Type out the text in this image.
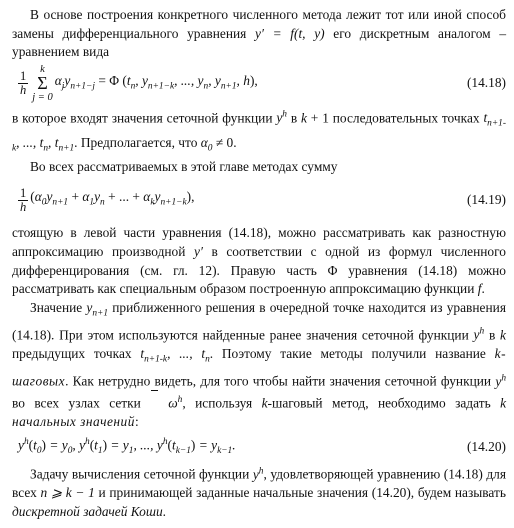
В основе построения конкретного численного метода лежит тот или иной способ замены дифференциального уравнения y′ = f(t, y) его дискретным аналогом – уравнением вида

$\frac{1}{h}$
k
Σ
j = 0
$\alpha_jy_{n+1-j} = \Phi$ ($t_n$, $y_{n+1-k}$, ..., $y_n$, $y_{n+1}$, h),	(14.18)

в которое входят значения сеточной функции $y^h$ в k + 1 последовательных точках $t_{n+1-k}$, ..., $t_n$, $t_{n+1}$. Предполагается, что $\alpha_0 \ne 0$.

Во всех рассматриваемых в этой главе методах сумму

$\frac{1}{h} (\alpha_0y_{n+1} + \alpha_1y_n$ + ... + $\alpha_ky_{n+1-k}$),	(14.19)

стоящую в левой части уравнения (14.18), можно рассматривать как разностную аппроксимацию производной y′ в соответствии с одной из формул численного дифференцирования (см. гл. 12). Правую часть Φ уравнения (14.18) можно рассматривать как специальным образом построенную аппроксимацию функции f.

Значение $y_{n+1}$ приближенного решения в очередной точке находится из уравнения (14.18). При этом используются найденные ранее значения сеточной функции $y^h$ в k предыдущих точках $t_{n+1-k}$, ..., $t_n$. Поэтому такие методы получили название k-шаговых. Как нетрудно видеть, для того чтобы найти значения сеточной функции $y^h$ во всех узлах сетки $\omega^h$, используя k-шаговый метод, необходимо задать k начальных значений:

$y^h(t_0) = y_0$, $y^h(t_1) = y_1$, ..., $y^h(t_{k-1}) = y_{k-1}$.	(14.20)

Задачу вычисления сеточной функции $y^h$, удовлетворяющей уравнению (14.18) для всех n ⩾ k − 1 и принимающей заданные начальные значения (14.20), будем называть дискретной задачей Коши.
